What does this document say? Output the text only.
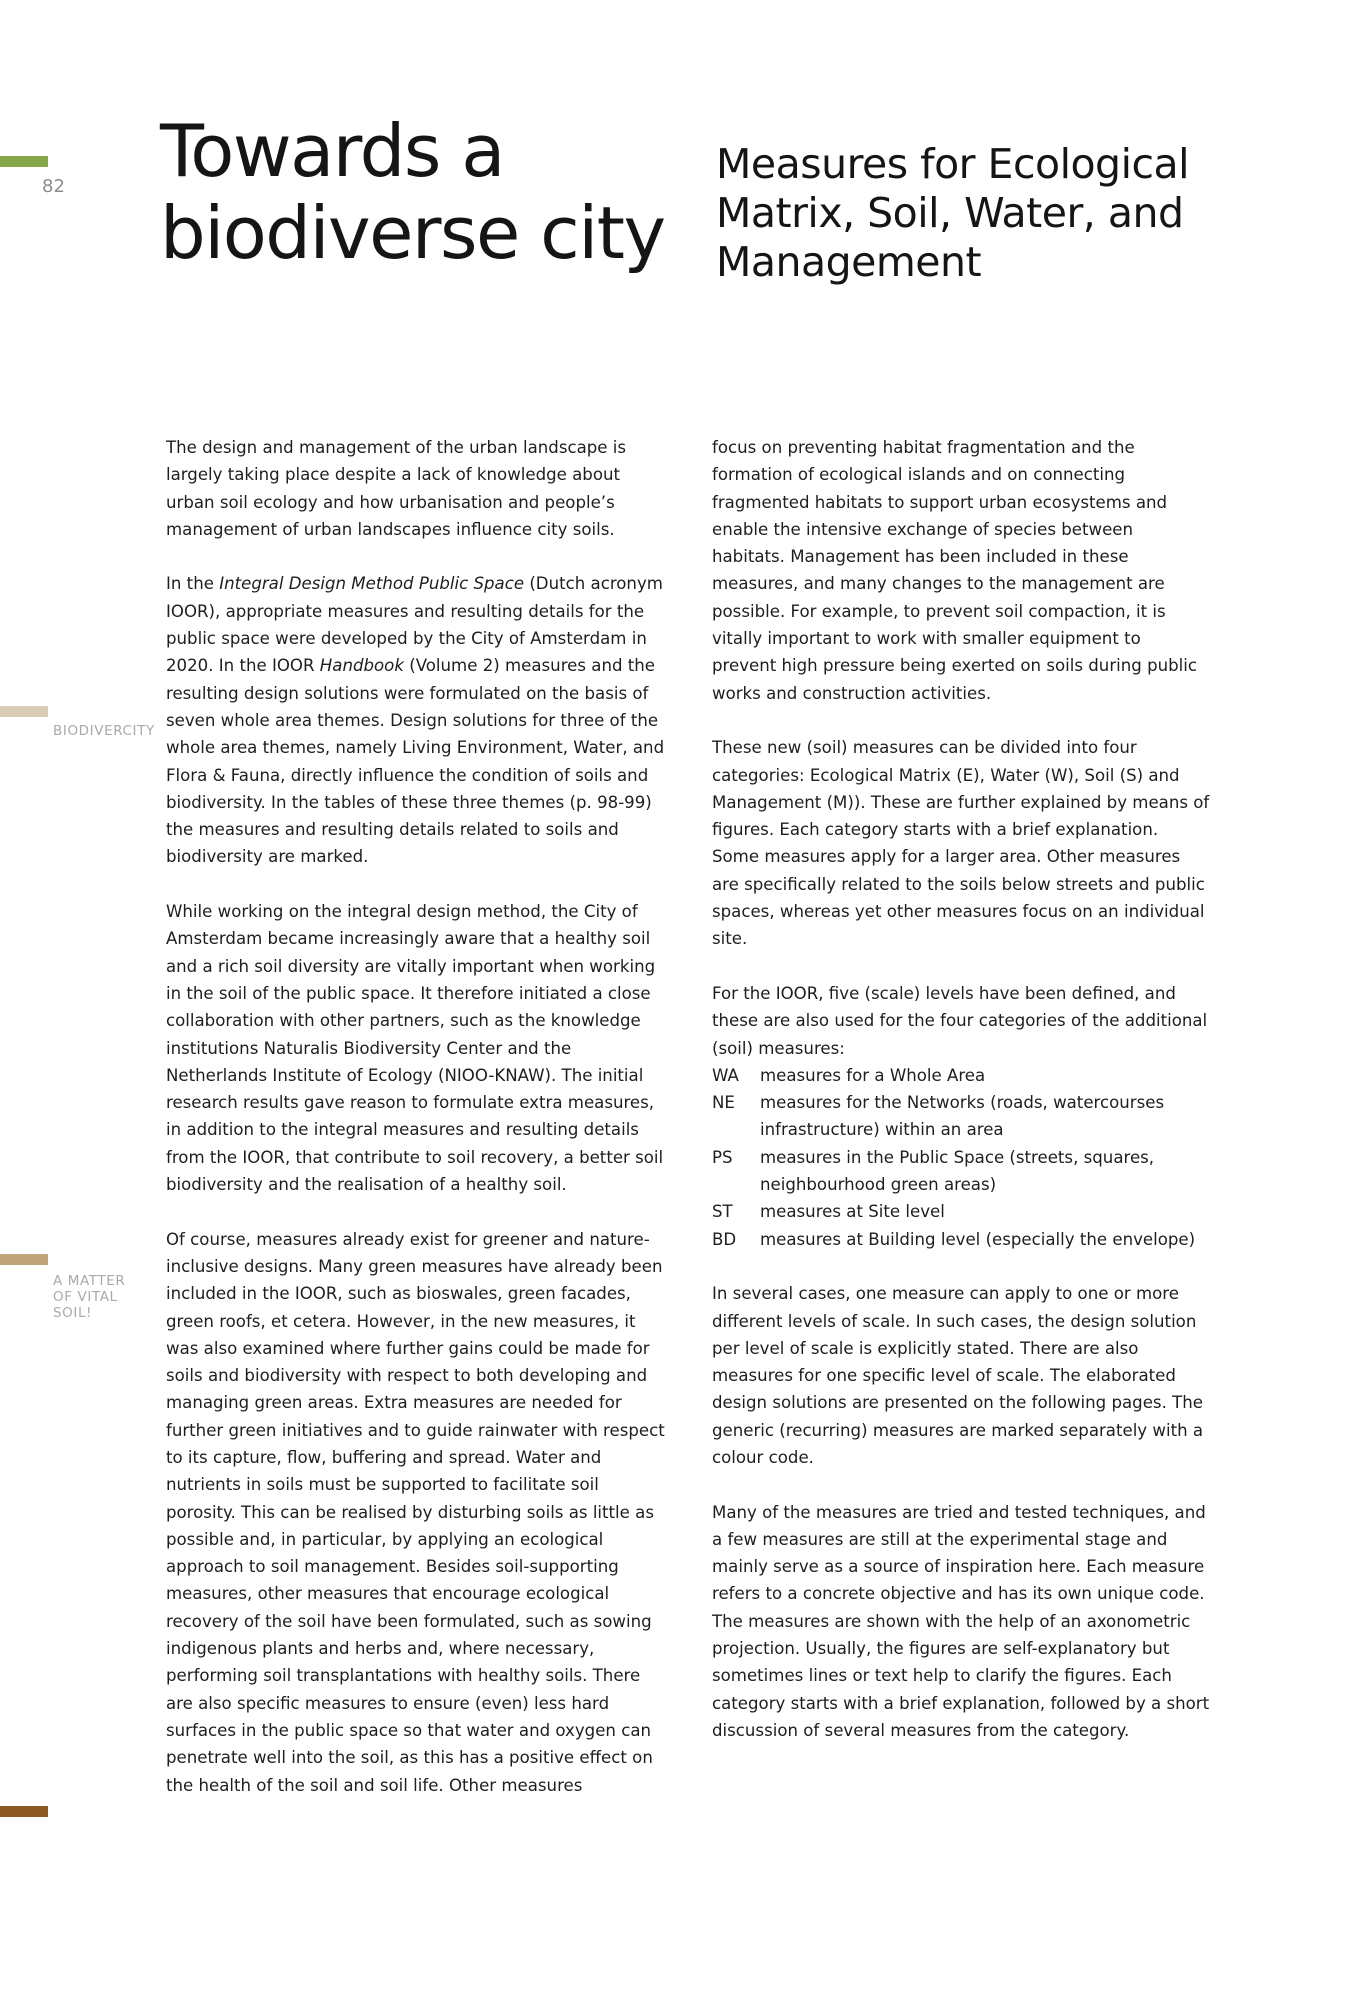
82
BIODIVERCITY
A MATTER
OF VITAL
SOIL!
Towards a
biodiverse city
Measures for Ecological
Matrix, Soil, Water, and
Management

The design and management of the urban landscape is largely taking place despite a lack of knowledge about urban soil ecology and how urbanisation and people’s management of urban landscapes influence city soils.

In the Integral Design Method Public Space (Dutch acronym IOOR), appropriate measures and resulting details for the public space were developed by the City of Amsterdam in 2020. In the IOOR Handbook (Volume 2) measures and the resulting design solutions were formulated on the basis of seven whole area themes. Design solutions for three of the whole area themes, namely Living Environment, Water, and Flora & Fauna, directly influence the condition of soils and biodiversity. In the tables of these three themes (p. 98-99) the measures and resulting details related to soils and biodiversity are marked.

While working on the integral design method, the City of Amsterdam became increasingly aware that a healthy soil and a rich soil diversity are vitally important when working in the soil of the public space. It therefore initiated a close collaboration with other partners, such as the knowledge institutions Naturalis Biodiversity Center and the Netherlands Institute of Ecology (NIOO-KNAW). The initial research results gave reason to formulate extra measures, in addition to the integral measures and resulting details from the IOOR, that contribute to soil recovery, a better soil biodiversity and the realisation of a healthy soil.

Of course, measures already exist for greener and nature-inclusive designs. Many green measures have already been included in the IOOR, such as bioswales, green facades, green roofs, et cetera. However, in the new measures, it was also examined where further gains could be made for soils and biodiversity with respect to both developing and managing green areas. Extra measures are needed for further green initiatives and to guide rainwater with respect to its capture, flow, buffering and spread. Water and nutrients in soils must be supported to facilitate soil porosity. This can be realised by disturbing soils as little as possible and, in particular, by applying an ecological approach to soil management. Besides soil-supporting measures, other measures that encourage ecological recovery of the soil have been formulated, such as sowing indigenous plants and herbs and, where necessary, performing soil transplantations with healthy soils. There are also specific measures to ensure (even) less hard surfaces in the public space so that water and oxygen can penetrate well into the soil, as this has a positive effect on the health of the soil and soil life. Other measures

focus on preventing habitat fragmentation and the formation of ecological islands and on connecting fragmented habitats to support urban ecosystems and enable the intensive exchange of species between habitats. Management has been included in these measures, and many changes to the management are possible. For example, to prevent soil compaction, it is vitally important to work with smaller equipment to prevent high pressure being exerted on soils during public works and construction activities.

These new (soil) measures can be divided into four categories: Ecological Matrix (E), Water (W), Soil (S) and Management (M)). These are further explained by means of figures. Each category starts with a brief explanation. Some measures apply for a larger area. Other measures are specifically related to the soils below streets and public spaces, whereas yet other measures focus on an individual site.

For the IOOR, five (scale) levels have been defined, and these are also used for the four categories of the additional (soil) measures:

WA	measures for a Whole Area
NE	measures for the Networks (roads, watercourses infrastructure) within an area
PS	measures in the Public Space (streets, squares, neighbourhood green areas)
ST	measures at Site level
BD	measures at Building level (especially the envelope)

In several cases, one measure can apply to one or more different levels of scale. In such cases, the design solution per level of scale is explicitly stated. There are also measures for one specific level of scale. The elaborated design solutions are presented on the following pages. The generic (recurring) measures are marked separately with a colour code.

Many of the measures are tried and tested techniques, and a few measures are still at the experimental stage and mainly serve as a source of inspiration here. Each measure refers to a concrete objective and has its own unique code. The measures are shown with the help of an axonometric projection. Usually, the figures are self-explanatory but sometimes lines or text help to clarify the figures. Each category starts with a brief explanation, followed by a short discussion of several measures from the category.
